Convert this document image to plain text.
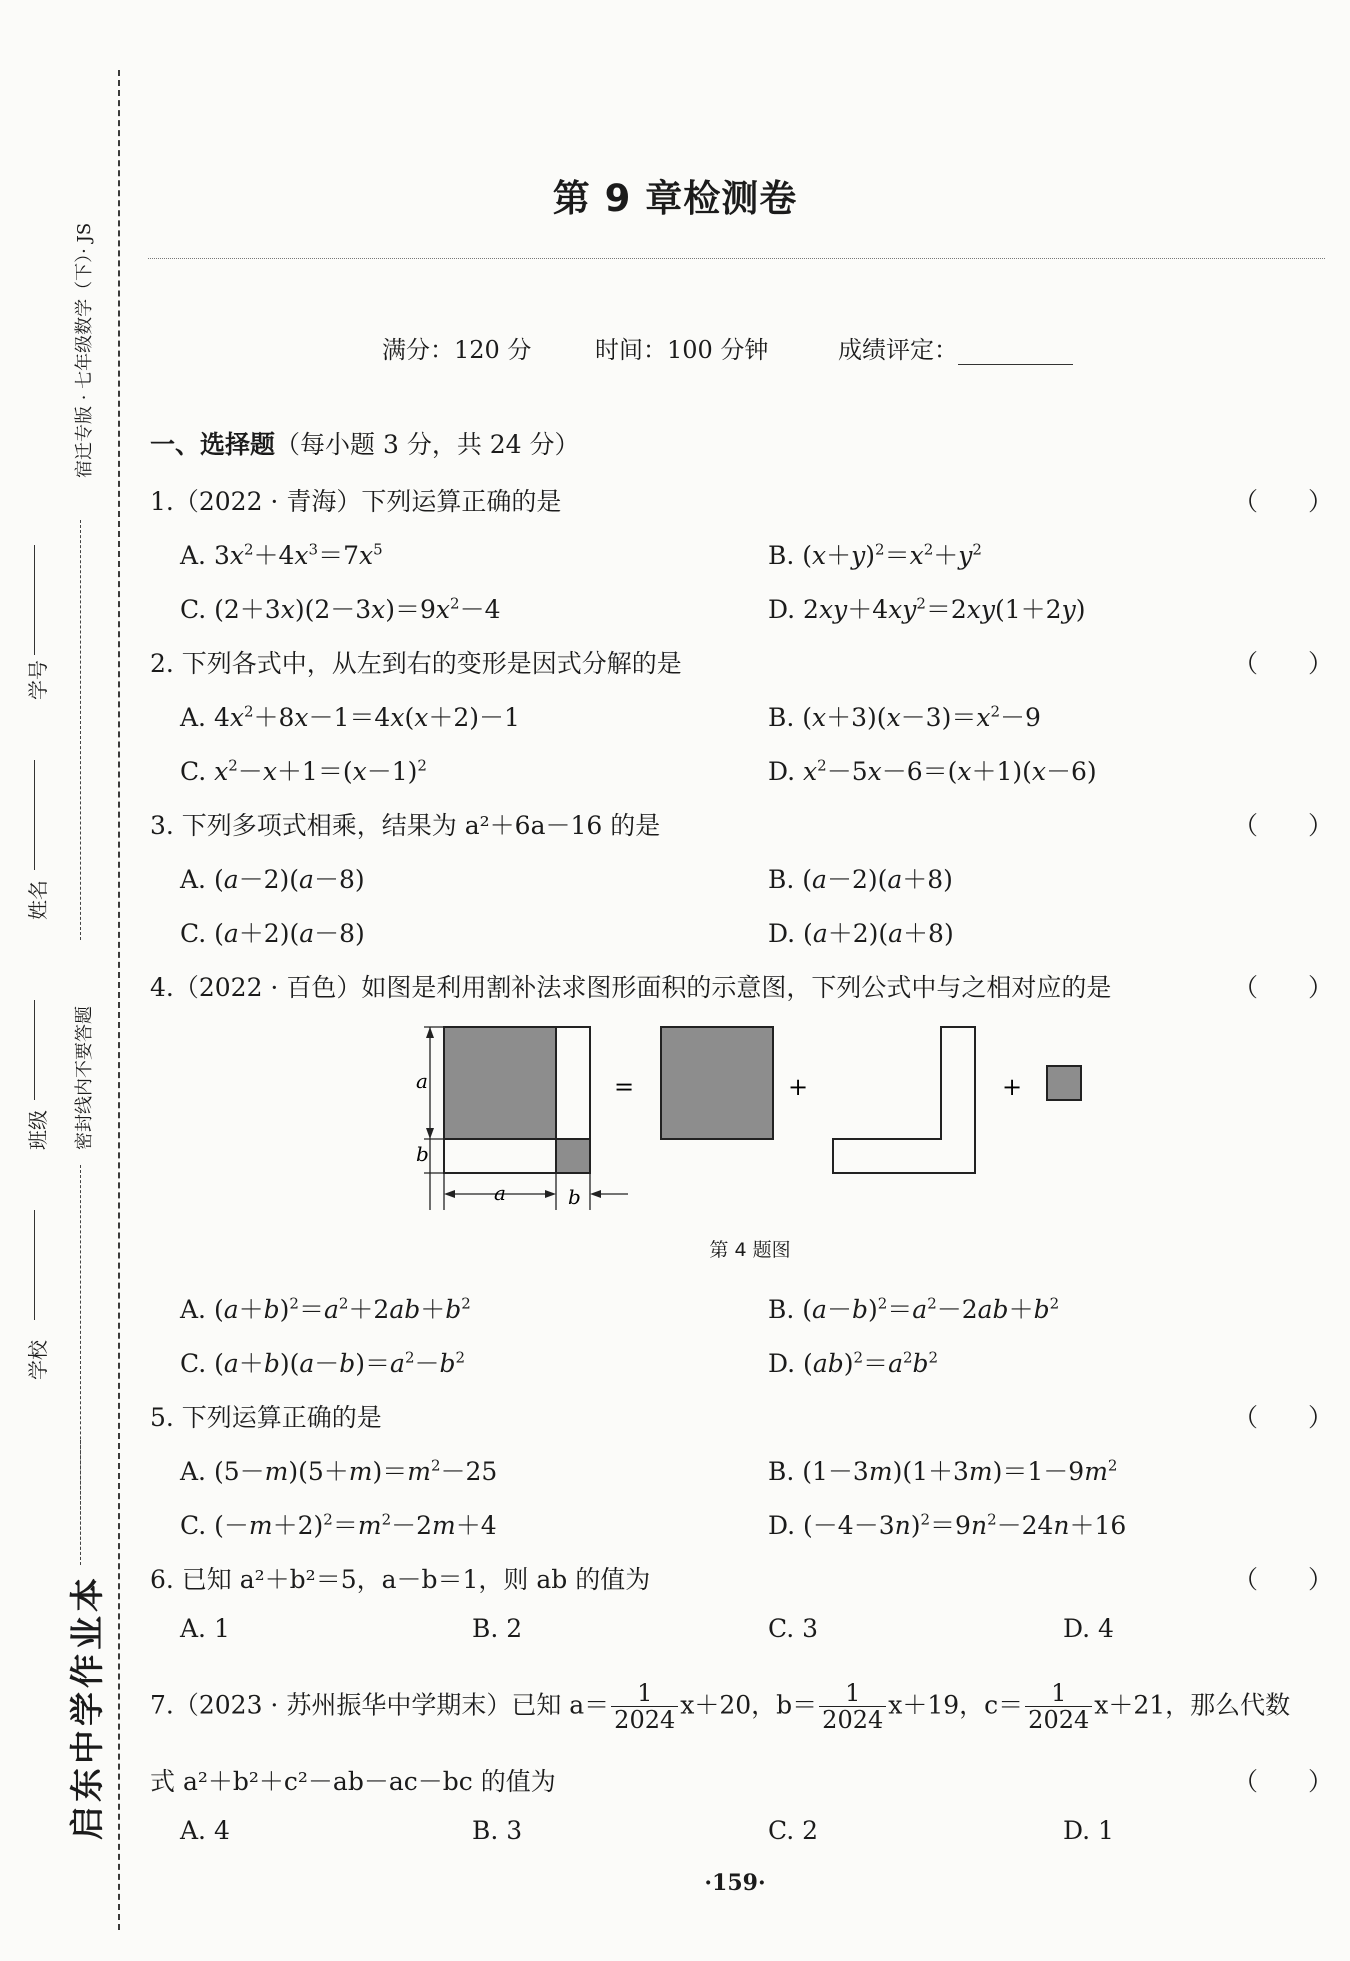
宿迁专版 · 七年级数学（下）· JS
密封线内不要答题
学号
姓名
班级
学校
启东中学作业本
第 9 章检测卷
满分：120 分	时间：100 分钟	成绩评定：
一、选择题（每小题 3 分，共 24 分）
1.（2022 · 青海）下列运算正确的是	（　　）
A. $3x^2+4x^3=7x^5$	B. $(x+y)^2=x^2+y^2$
C. $(2+3x)(2-3x)=9x^2-4$	D. $2xy+4xy^2=2xy(1+2y)$
2. 下列各式中，从左到右的变形是因式分解的是	（　　）
A. $4x^2+8x-1=4x(x+2)-1$	B. $(x+3)(x-3)=x^2-9$
C. $x^2-x+1=(x-1)^2$	D. $x^2-5x-6=(x+1)(x-6)$
3. 下列多项式相乘，结果为 a²＋6a－16 的是	（　　）
A. (a－2)(a－8)	B. (a－2)(a＋8)
C. (a＋2)(a－8)	D. (a＋2)(a＋8)
4.（2022 · 百色）如图是利用割补法求图形面积的示意图，下列公式中与之相对应的是	（　　）
a
b
a	b
=	+	+
第 4 题图
A. $(a+b)^2=a^2+2ab+b^2$	B. $(a-b)^2=a^2-2ab+b^2$
C. $(a+b)(a-b)=a^2-b^2$	D. $(ab)^2=a^2b^2$
5. 下列运算正确的是	（　　）
A. $(5-m)(5+m)=m^2-25$	B. $(1-3m)(1+3m)=1-9m^2$
C. $(-m+2)^2=m^2-2m+4$	D. $(-4-3n)^2=9n^2-24n+16$
6. 已知 a²＋b²＝5，a－b＝1，则 ab 的值为	（　　）
A. 1	B. 2	C. 3	D. 4
7.（2023 · 苏州振华中学期末）已知 $a= \frac{1}{2024} x+20$，$b= \frac{1}{2024} x+19$，$c= \frac{1}{2024} x+21$，那么代数
式 a²＋b²＋c²－ab－ac－bc 的值为	（　　）
A. 4	B. 3	C. 2	D. 1
·159·
